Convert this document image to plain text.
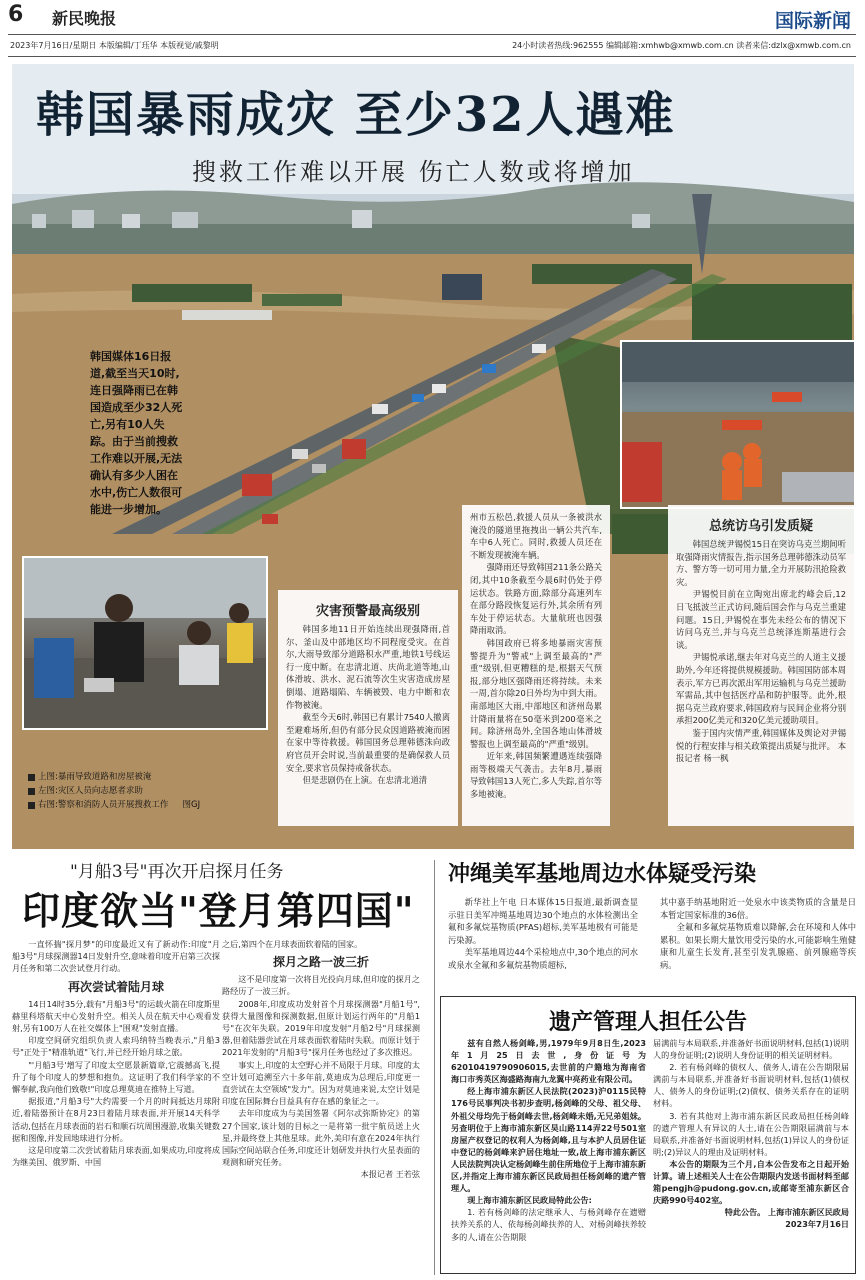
6 新民晚报	国际新闻
2023年7月16日/星期日 本版编辑/丁珏华 本版视觉/戚黎明	24小时读者热线:962555 编辑邮箱:xmhwb@xmwb.com.cn 读者来信:dzlx@xmwb.com.cn
韩国暴雨成灾 至少32人遇难
搜救工作难以开展 伤亡人数或将增加
韩国媒体16日报道,截至当天10时,连日强降雨已在韩国造成至少32人死亡,另有10人失踪。由于当前搜救工作难以开展,无法确认有多少人困在水中,伤亡人数很可能进一步增加。
上图:暴雨导致道路和房屋被淹
左图:灾区人员向志愿者求助
右图:警察和消防人员开展搜救工作
图GJ
灾害预警最高级别

韩国多地11日开始连续出现强降雨,首尔、釜山及中部地区均不同程度受灾。在首尔,大雨导致部分道路积水严重,地铁1号线运行一度中断。在忠清北道、庆尚北道等地,山体滑坡、洪水、泥石流等次生灾害造成房屋倒塌、道路塌陷、车辆被毁、电力中断和农作物被淹。

截至今天6时,韩国已有累计7540人撤离至避难场所,但仍有部分民众因道路被淹而困在家中等待救援。韩国国务总理韩德洙向政府官员开会时说,当前最重要的是确保救人员安全,要求官员保持戒备状态。

但是悲剧仍在上演。在忠清北道清

州市五松邑,救援人员从一条被洪水淹没的隧道里拖拽出一辆公共汽车,车中6人死亡。同时,救援人员还在不断发现被淹车辆。

强降雨还导致韩国211条公路关闭,其中10条截至今晨6时仍处于停运状态。铁路方面,除部分高速列车在部分路段恢复运行外,其余所有列车处于停运状态。大量航班也因强降雨取消。

韩国政府已将多地暴雨灾害预警提升为"警戒"上调至最高的"严重"级别,但更糟糕的是,根据天气预报,部分地区强降雨还将持续。未来一周,首尔除20日外均为中到大雨。南部地区大雨,中部地区和济州岛累计降雨量将在50毫米到200毫米之间。除济州岛外,全国各地山体滑坡警报也上调至最高的"严重"级别。

近年来,韩国频繁遭遇连续强降雨等极端天气袭击。去年8月,暴雨导致韩国13人死亡,多人失踪,首尔等多地被淹。

总统访乌引发质疑

韩国总统尹锡悦15日在突访乌克兰期间听取强降雨灾情报告,指示国务总理韩德洙动员军方、警方等一切可用力量,全力开展防汛抢险救灾。

尹锡悦目前在立陶宛出席北约峰会后,12日飞抵波兰正式访问,随后国会作与乌克兰重建问题。15日,尹锡悦在事先未经公布的情况下访问乌克兰,并与乌克兰总统泽连斯基进行会谈。

尹锡悦承诺,继去年对乌克兰的人道主义援助外,今年还将提供规模援助。韩国国防部本周表示,军方已再次派出军用运输机与乌克兰援助军需品,其中包括医疗品和防护服等。此外,根据乌克兰政府要求,韩国政府与民间企业将分别承担200亿美元和320亿美元援助项目。

鉴于国内灾情严重,韩国媒体及舆论对尹锡悦的行程安排与相关政策提出质疑与批评。 本报记者 杨一枫

"月船3号"再次开启探月任务
印度欲当"登月第四国"

一直怀揣"探月梦"的印度最近又有了新动作:印度"月船3号"月球探测器14日发射升空,意味着印度开启第三次探月任务和第二次尝试登月行动。

再次尝试着陆月球

14日14时35分,载有"月船3号"的运载火箭在印度斯里赫里科塔航天中心发射升空。相关人员在航天中心观看发射,另有100万人在社交媒体上"围观"发射直播。

印度空间研究组织负责人索玛纳特当晚表示,"月船3号"正处于"精准轨道"飞行,并已经开始月球之旅。

"'月船3号'增写了印度太空愿景新篇章,它震撼高飞,提升了每个印度人的梦想和抱负。这证明了我们科学家的不懈奉献,我向他们致敬!"印度总理莫迪在推特上写道。

据报道,"月船3号"大约需要一个月的时间抵达月球附近,着陆器预计在8月23日着陆月球表面,并开展14天科学活动,包括在月球表面的岩石和顺石坑周围漫游,收集关键数据和图像,并发回地球进行分析。

这是印度第二次尝试着陆月球表面,如果成功,印度将成为继美国、俄罗斯、中国

之后,第四个在月球表面软着陆的国家。

探月之路一波三折

这不是印度第一次将目光投向月球,但印度的探月之路经历了一波三折。

2008年,印度成功发射首个月球探测器"月船1号",获得大量图像和探测数据,但原计划运行两年的"月船1号"在次年失联。2019年印度发射"月船2号"月球探测器,但着陆器尝试在月球表面软着陆时失联。而原计划于2021年发射的"月船3号"探月任务也经过了多次推迟。

事实上,印度的太空野心并不局限于月球。印度的太空计划可追溯至六十多年前,莫迪成为总理后,印度更一直尝试在太空领域"发力"。因为对莫迪来说,太空计划是印度在国际舞台目益具有存在感的象征之一。

去年印度成为与美国签署《阿尔忒弥斯协定》的第27个国家,该计划的目标之一是将第一批宇航员送上火星,并最终登上其他星球。此外,美印有意在2024年执行国际空间站联合任务,印度还计划研发并执行火星表面的观测和研究任务。

本报记者 王若弦

冲绳美军基地周边水体疑受污染

新华社上午电 日本媒体15日报道,最新调查显示驻日美军冲绳基地周边30个地点的水体检测出全氟和多氟烷基物质(PFAS)超标,美军基地极有可能是污染源。

美军基地周边44个采检地点中,30个地点的河水或泉水全氟和多氟烷基物质超标,

其中嘉手纳基地附近一处泉水中该类物质的含量是日本暂定国家标准的36倍。

全氟和多氟烷基物质难以降解,会在环境和人体中累积。如果长期大量饮用受污染的水,可能影响生殖健康和儿童生长发育,甚至引发乳腺癌、前列腺癌等疾病。

遗产管理人担任公告

兹有自然人杨剑峰,男,1979年9月8日生,2023年1月25日去世,身份证号为62010419790906015,去世前的户籍地为海南省海口市秀英区海盛路海南九龙翼中亮药业有限公司。

经上海市浦东新区人民法院(2023)沪0115民特176号民事判决书初步查明,杨剑峰的父母、祖父母、外祖父母均先于杨剑峰去世,杨剑峰未婚,无兄弟姐妹。另查明位于上海市浦东新区昊山路114弄22号501室房屋产权登记的权利人为杨剑峰,且与本护人员居住证中登记的杨剑峰来沪居住地址一致,故上海市浦东新区人民法院判决认定杨剑峰生前住所地位于上海市浦东新区,并指定上海市浦东新区民政局担任杨剑峰的遗产管理人。

现上海市浦东新区民政局特此公告:

1. 若有杨剑峰的法定继承人、与杨剑峰存在遗赠扶养关系的人、依每杨剑峰扶养的人、对杨剑峰扶养较多的人,请在公告期限

届满前与本局联系,并准备好书面说明材料,包括(1)说明人的身份证明;(2)说明人身份证明的相关证明材料。

2. 若有杨剑峰的债权人、债务人,请在公告期限届满前与本局联系,并准备好书面说明材料,包括(1)债权人、债务人的身份证明;(2)债权、债务关系存在的证明材料。

3. 若有其他对上海市浦东新区民政局担任杨剑峰的遗产管理人有异议的人士,请在公告期限届满前与本局联系,并准备好书面说明材料,包括(1)异议人的身份证明;(2)异议人的理由及证明材料。

本公告的期限为三个月,自本公告发布之日起开始计算。请上述相关人士在公告期限内发送书面材料至邮箱pengjh@pudong.gov.cn,或邮寄至浦东新区合庆路990号402室。

特此公告。 上海市浦东新区民政局

2023年7月16日
